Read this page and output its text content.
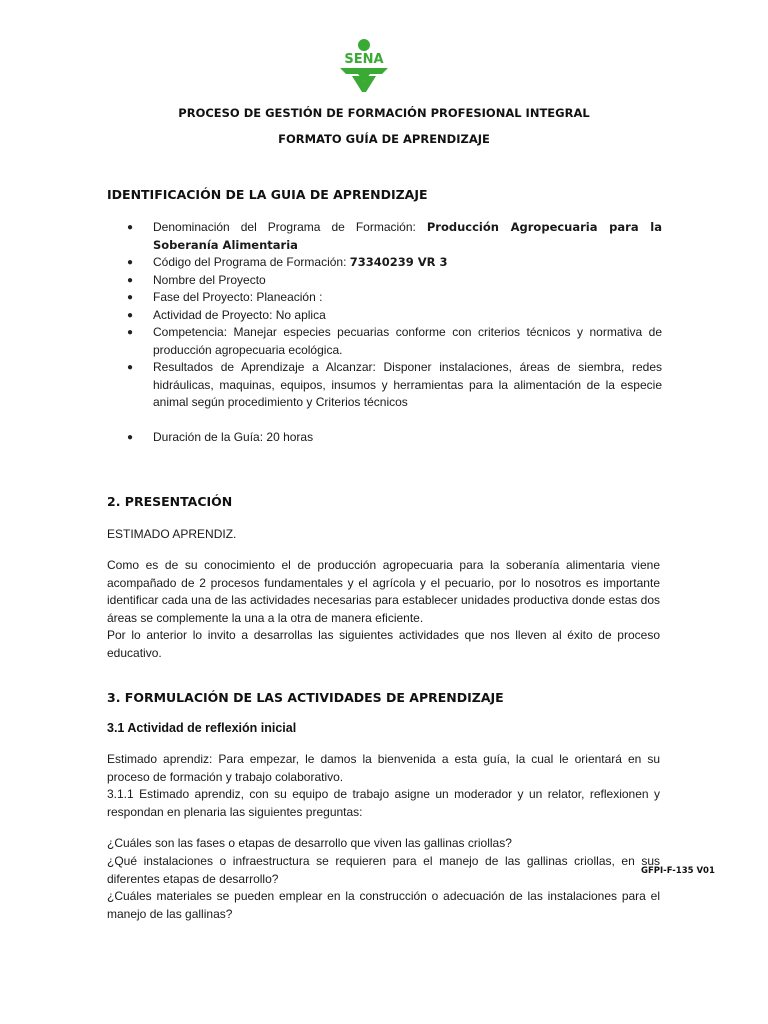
SENA
PROCESO DE GESTIÓN DE FORMACIÓN PROFESIONAL INTEGRAL
FORMATO GUÍA DE APRENDIZAJE
IDENTIFICACIÓN DE LA GUIA DE APRENDIZAJE
● Denominación del Programa de Formación: Producción Agropecuaria para la Soberanía Alimentaria
● Código del Programa de Formación: 73340239 VR 3
● Nombre del Proyecto
● Fase del Proyecto: Planeación :
● Actividad de Proyecto: No aplica
● Competencia: Manejar especies pecuarias conforme con criterios técnicos y normativa de producción agropecuaria ecológica.
● Resultados de Aprendizaje a Alcanzar: Disponer instalaciones, áreas de siembra, redes hidráulicas, maquinas, equipos, insumos y herramientas para la alimentación de la especie animal según procedimiento y Criterios técnicos
● Duración de la Guía: 20 horas
2. PRESENTACIÓN

ESTIMADO APRENDIZ.

Como es de su conocimiento el de producción agropecuaria para la soberanía alimentaria viene acompañado de 2 procesos fundamentales y el agrícola y el pecuario, por lo nosotros es importante identificar cada una de las actividades necesarias para establecer unidades productiva donde estas dos áreas se complemente la una a la otra de manera eficiente.

Por lo anterior lo invito a desarrollas las siguientes actividades que nos lleven al éxito de proceso educativo.

3. FORMULACIÓN DE LAS ACTIVIDADES DE APRENDIZAJE
3.1 Actividad de reflexión inicial

Estimado aprendiz: Para empezar, le damos la bienvenida a esta guía, la cual le orientará en su proceso de formación y trabajo colaborativo.

3.1.1 Estimado aprendiz, con su equipo de trabajo asigne un moderador y un relator, reflexionen y respondan en plenaria las siguientes preguntas:

¿Cuáles son las fases o etapas de desarrollo que viven las gallinas criollas?

¿Qué instalaciones o infraestructura se requieren para el manejo de las gallinas criollas, en sus diferentes etapas de desarrollo?

¿Cuáles materiales se pueden emplear en la construcción o adecuación de las instalaciones para el manejo de las gallinas?

GFPI-F-135 V01
